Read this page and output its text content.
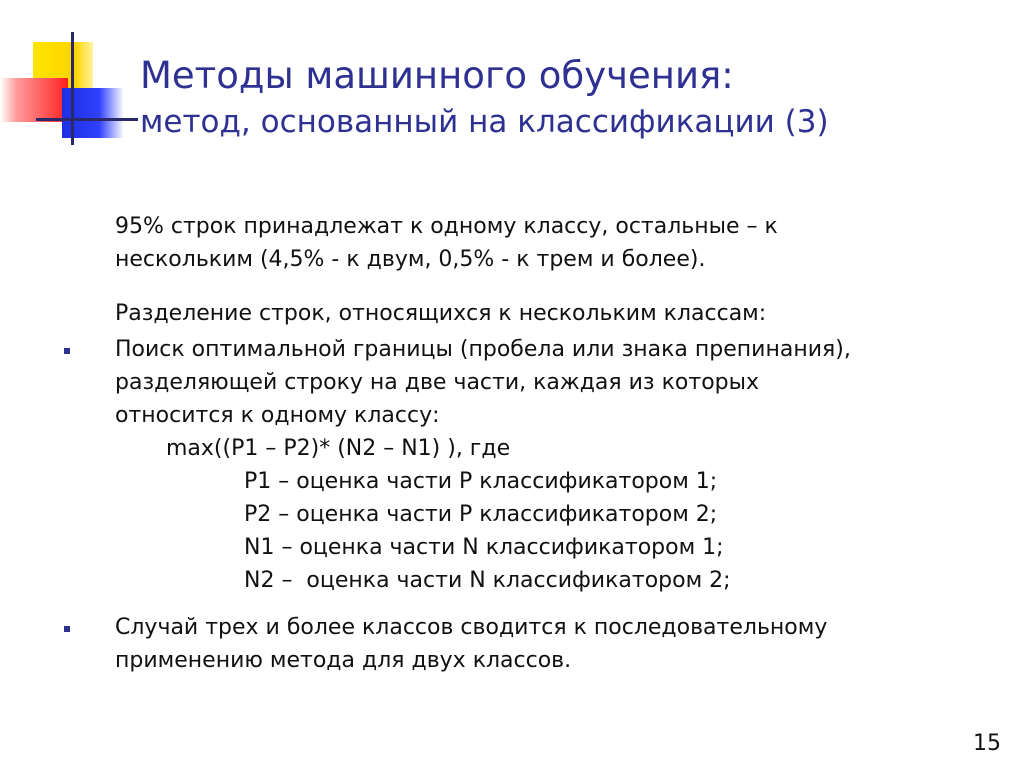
Методы машинного обучения:
метод, основанный на классификации (3)
95% строк принадлежат к одному классу, остальные – к
нескольким (4,5% - к двум, 0,5% - к трем и более).
Разделение строк, относящихся к нескольким классам:
Поиск оптимальной границы (пробела или знака препинания),
разделяющей строку на две части, каждая из которых
относится к одному классу:
max((P1 – P2)* (N2 – N1) ), где
P1 – оценка части P классификатором 1;
P2 – оценка части P классификатором 2;
N1 – оценка части N классификатором 1;
N2 –  оценка части N классификатором 2;
Случай трех и более классов сводится к последовательному
применению метода для двух классов.
15
